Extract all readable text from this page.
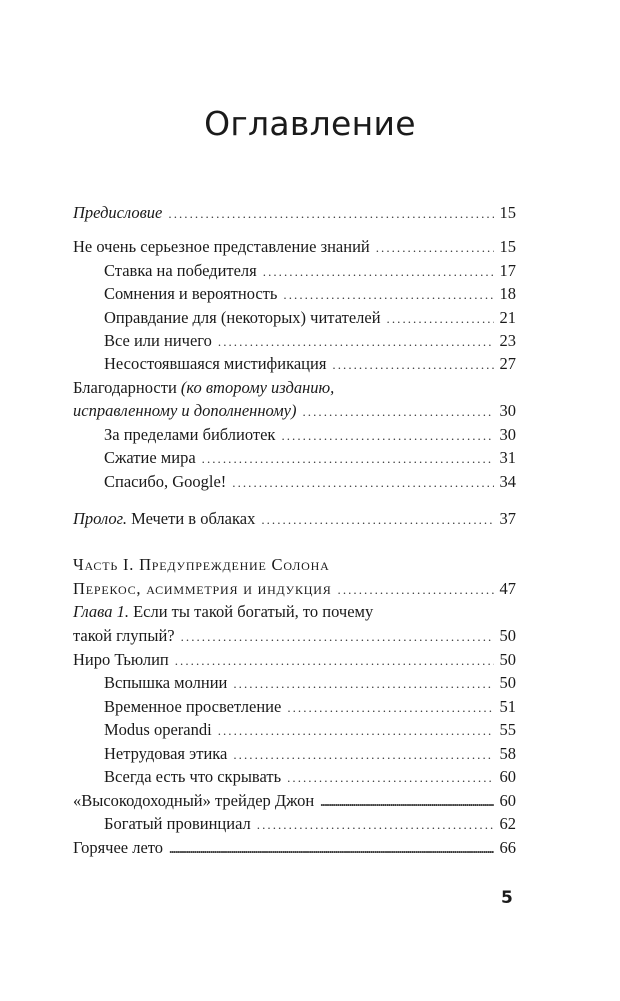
Оглавление
Предисловие . . .	15
Не очень серьезное представление знаний . . .	15
Ставка на победителя . . .	17
Сомнения и вероятность . . .	18
Оправдание для (некоторых) читателей . . .	21
Все или ничего . . .	23
Несостоявшаяся мистификация . . .	27
Благодарности (ко второму изданию,
исправленному и дополненному) . . .	30
За пределами библиотек . . .	30
Сжатие мира . . .	31
Спасибо, Google! . . .	34
Пролог. Мечети в облаках . . .	37
Часть I. Предупреждение Солона
Перекос, асимметрия и индукция . . .	47
Глава 1. Если ты такой богатый, то почему
такой глупый? . . .	50
Ниро Тьюлип . . .	50
Вспышка молнии . . .	50
Временное просветление . . .	51
Modus operandi . . .	55
Нетрудовая этика . . .	58
Всегда есть что скрывать . . .	60
«Высокодоходный» трейдер Джон .....	60
Богатый провинциал . . .	62
Горячее лето .....	66
5
